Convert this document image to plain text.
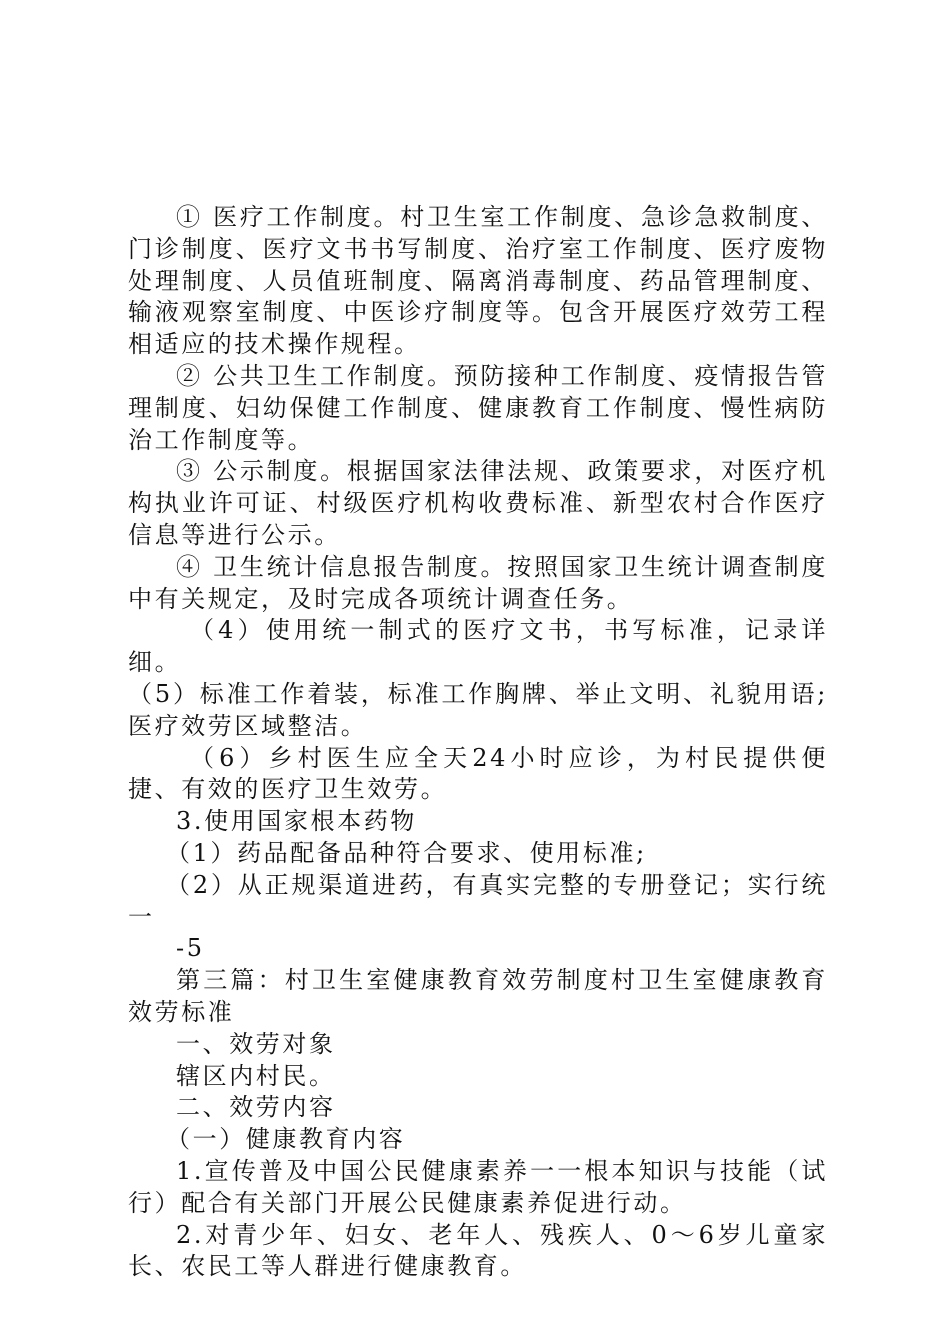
① 医疗工作制度。村卫生室工作制度、急诊急救制度、门诊制度、医疗文书书写制度、治疗室工作制度、医疗废物处理制度、人员值班制度、隔离消毒制度、药品管理制度、输液观察室制度、中医诊疗制度等。包含开展医疗效劳工程相适应的技术操作规程。

② 公共卫生工作制度。预防接种工作制度、疫情报告管理制度、妇幼保健工作制度、健康教育工作制度、慢性病防治工作制度等。

③ 公示制度。根据国家法律法规、政策要求，对医疗机构执业许可证、村级医疗机构收费标准、新型农村合作医疗信息等进行公示。

④ 卫生统计信息报告制度。按照国家卫生统计调查制度中有关规定，及时完成各项统计调查任务。

（4）使用统一制式的医疗文书，书写标准，记录详细。

（5）标准工作着装，标准工作胸牌、举止文明、礼貌用语;医疗效劳区域整洁。

（6）乡村医生应全天24小时应诊，为村民提供便捷、有效的医疗卫生效劳。

3.使用国家根本药物

（1）药品配备品种符合要求、使用标准;

（2）从正规渠道进药，有真实完整的专册登记；实行统一

-5

第三篇：村卫生室健康教育效劳制度村卫生室健康教育效劳标准

一、效劳对象

辖区内村民。

二、效劳内容

（一）健康教育内容

1.宣传普及中国公民健康素养一一根本知识与技能（试行）配合有关部门开展公民健康素养促进行动。

2.对青少年、妇女、老年人、残疾人、0～6岁儿童家长、农民工等人群进行健康教育。
